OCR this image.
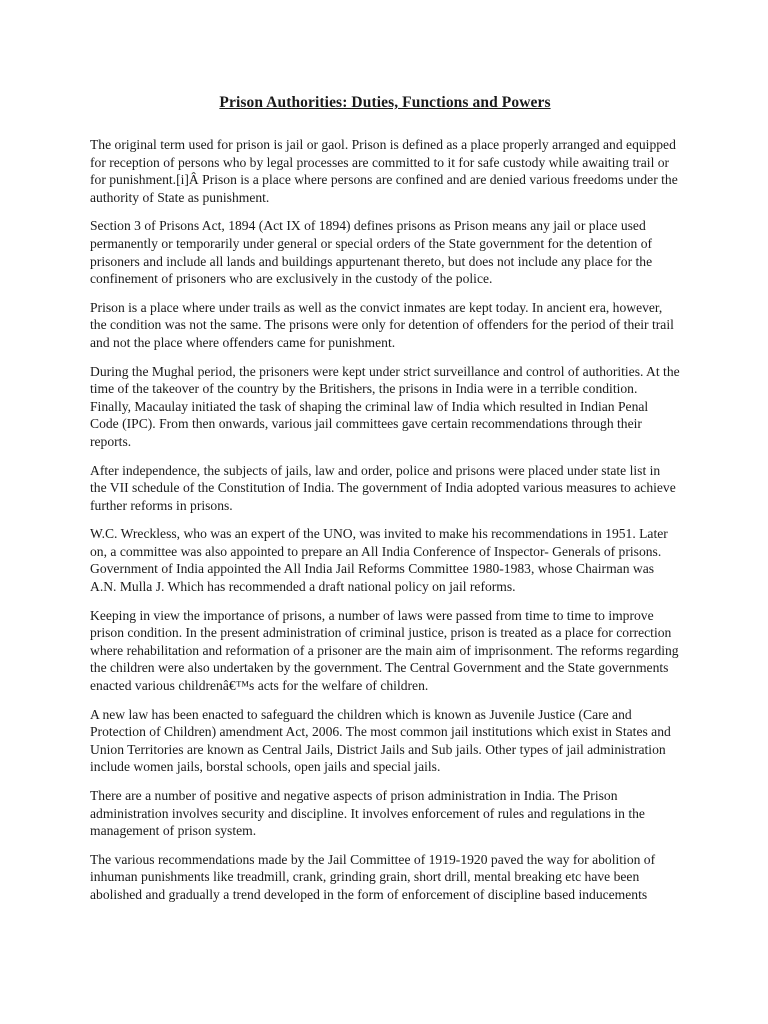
Prison Authorities: Duties, Functions and Powers

The original term used for prison is jail or gaol. Prison is defined as a place properly arranged and equipped for reception of persons who by legal processes are committed to it for safe custody while awaiting trail or for punishment.[i]Â Prison is a place where persons are confined and are denied various freedoms under the authority of State as punishment.

Section 3 of Prisons Act, 1894 (Act IX of 1894) defines prisons as Prison means any jail or place used permanently or temporarily under general or special orders of the State government for the detention of prisoners and include all lands and buildings appurtenant thereto, but does not include any place for the confinement of prisoners who are exclusively in the custody of the police.

Prison is a place where under trails as well as the convict inmates are kept today. In ancient era, however, the condition was not the same. The prisons were only for detention of offenders for the period of their trail and not the place where offenders came for punishment.

During the Mughal period, the prisoners were kept under strict surveillance and control of authorities. At the time of the takeover of the country by the Britishers, the prisons in India were in a terrible condition. Finally, Macaulay initiated the task of shaping the criminal law of India which resulted in Indian Penal Code (IPC). From then onwards, various jail committees gave certain recommendations through their reports.

After independence, the subjects of jails, law and order, police and prisons were placed under state list in the VII schedule of the Constitution of India. The government of India adopted various measures to achieve further reforms in prisons.

W.C. Wreckless, who was an expert of the UNO, was invited to make his recommendations in 1951. Later on, a committee was also appointed to prepare an All India Conference of Inspector- Generals of prisons. Government of India appointed the All India Jail Reforms Committee 1980-1983, whose Chairman was A.N. Mulla J. Which has recommended a draft national policy on jail reforms.

Keeping in view the importance of prisons, a number of laws were passed from time to time to improve prison condition. In the present administration of criminal justice, prison is treated as a place for correction where rehabilitation and reformation of a prisoner are the main aim of imprisonment. The reforms regarding the children were also undertaken by the government. The Central Government and the State governments enacted various childrenâ€™s acts for the welfare of children.

A new law has been enacted to safeguard the children which is known as Juvenile Justice (Care and Protection of Children) amendment Act, 2006. The most common jail institutions which exist in States and Union Territories are known as Central Jails, District Jails and Sub jails. Other types of jail administration include women jails, borstal schools, open jails and special jails.

There are a number of positive and negative aspects of prison administration in India. The Prison administration involves security and discipline. It involves enforcement of rules and regulations in the management of prison system.

The various recommendations made by the Jail Committee of 1919-1920 paved the way for abolition of inhuman punishments like treadmill, crank, grinding grain, short drill, mental breaking etc have been abolished and gradually a trend developed in the form of enforcement of discipline based inducements
